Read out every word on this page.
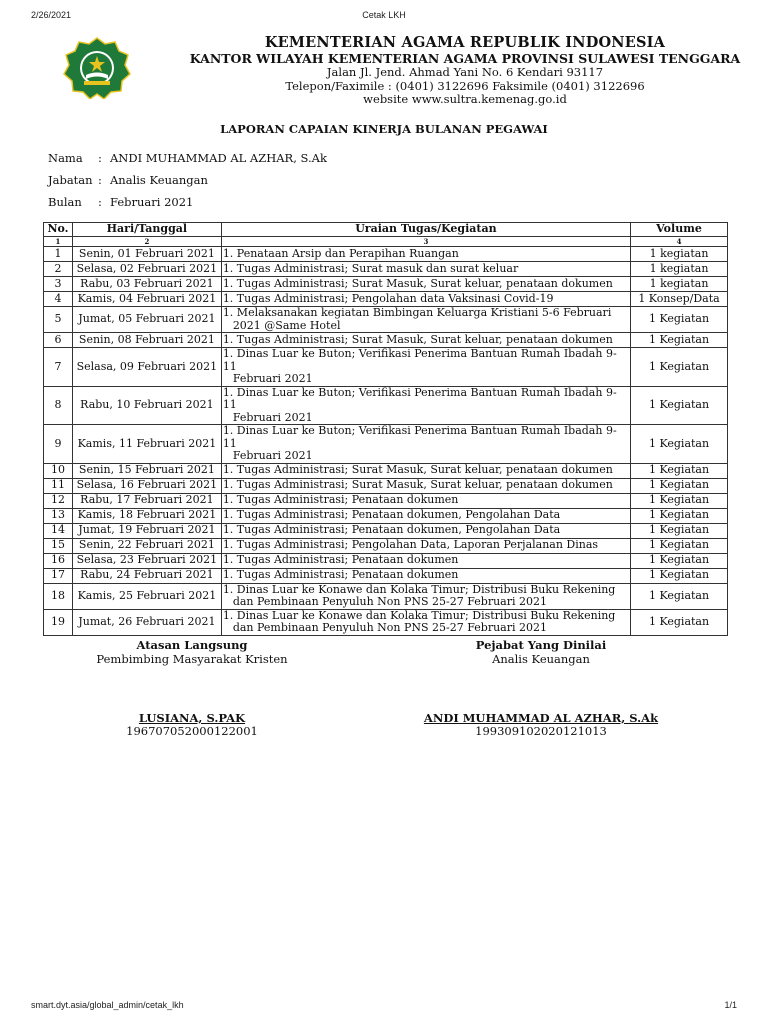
2/26/2021	Cetak LKH
KEMENTERIAN AGAMA REPUBLIK INDONESIA
KANTOR WILAYAH KEMENTERIAN AGAMA PROVINSI SULAWESI TENGGARA
Jalan Jl. Jend. Ahmad Yani No. 6 Kendari 93117
Telepon/Faximile : (0401) 3122696 Faksimile (0401) 3122696
website www.sultra.kemenag.go.id
LAPORAN CAPAIAN KINERJA BULANAN PEGAWAI
Nama : ANDI MUHAMMAD AL AZHAR, S.Ak
Jabatan : Analis Keuangan
Bulan : Februari 2021
No.	Hari/Tanggal	Uraian Tugas/Kegiatan	Volume
1	2	3	4
1	Senin, 01 Februari 2021	1. Penataan Arsip dan Perapihan Ruangan	1 kegiatan
2	Selasa, 02 Februari 2021	1. Tugas Administrasi; Surat masuk dan surat keluar	1 kegiatan
3	Rabu, 03 Februari 2021	1. Tugas Administrasi; Surat Masuk, Surat keluar, penataan dokumen	1 kegiatan
4	Kamis, 04 Februari 2021	1. Tugas Administrasi; Pengolahan data Vaksinasi Covid-19	1 Konsep/Data
5	Jumat, 05 Februari 2021	1. Melaksanakan kegiatan Bimbingan Keluarga Kristiani 5-6 Februari
2021 @Same Hotel	1 Kegiatan
6	Senin, 08 Februari 2021	1. Tugas Administrasi; Surat Masuk, Surat keluar, penataan dokumen	1 Kegiatan
7	Selasa, 09 Februari 2021	1. Dinas Luar ke Buton; Verifikasi Penerima Bantuan Rumah Ibadah 9-11
Februari 2021	1 Kegiatan
8	Rabu, 10 Februari 2021	1. Dinas Luar ke Buton; Verifikasi Penerima Bantuan Rumah Ibadah 9-11
Februari 2021	1 Kegiatan
9	Kamis, 11 Februari 2021	1. Dinas Luar ke Buton; Verifikasi Penerima Bantuan Rumah Ibadah 9-11
Februari 2021	1 Kegiatan
10	Senin, 15 Februari 2021	1. Tugas Administrasi; Surat Masuk, Surat keluar, penataan dokumen	1 Kegiatan
11	Selasa, 16 Februari 2021	1. Tugas Administrasi; Surat Masuk, Surat keluar, penataan dokumen	1 Kegiatan
12	Rabu, 17 Februari 2021	1. Tugas Administrasi; Penataan dokumen	1 Kegiatan
13	Kamis, 18 Februari 2021	1. Tugas Administrasi; Penataan dokumen, Pengolahan Data	1 Kegiatan
14	Jumat, 19 Februari 2021	1. Tugas Administrasi; Penataan dokumen, Pengolahan Data	1 Kegiatan
15	Senin, 22 Februari 2021	1. Tugas Administrasi; Pengolahan Data, Laporan Perjalanan Dinas	1 Kegiatan
16	Selasa, 23 Februari 2021	1. Tugas Administrasi; Penataan dokumen	1 Kegiatan
17	Rabu, 24 Februari 2021	1. Tugas Administrasi; Penataan dokumen	1 Kegiatan
18	Kamis, 25 Februari 2021	1. Dinas Luar ke Konawe dan Kolaka Timur; Distribusi Buku Rekening
dan Pembinaan Penyuluh Non PNS 25-27 Februari 2021	1 Kegiatan
19	Jumat, 26 Februari 2021	1. Dinas Luar ke Konawe dan Kolaka Timur; Distribusi Buku Rekening
dan Pembinaan Penyuluh Non PNS 25-27 Februari 2021	1 Kegiatan
Atasan Langsung
Pembimbing Masyarakat Kristen
LUSIANA, S.PAK
196707052000122001
Pejabat Yang Dinilai
Analis Keuangan
ANDI MUHAMMAD AL AZHAR, S.Ak
199309102020121013
smart.dyt.asia/global_admin/cetak_lkh	1/1
